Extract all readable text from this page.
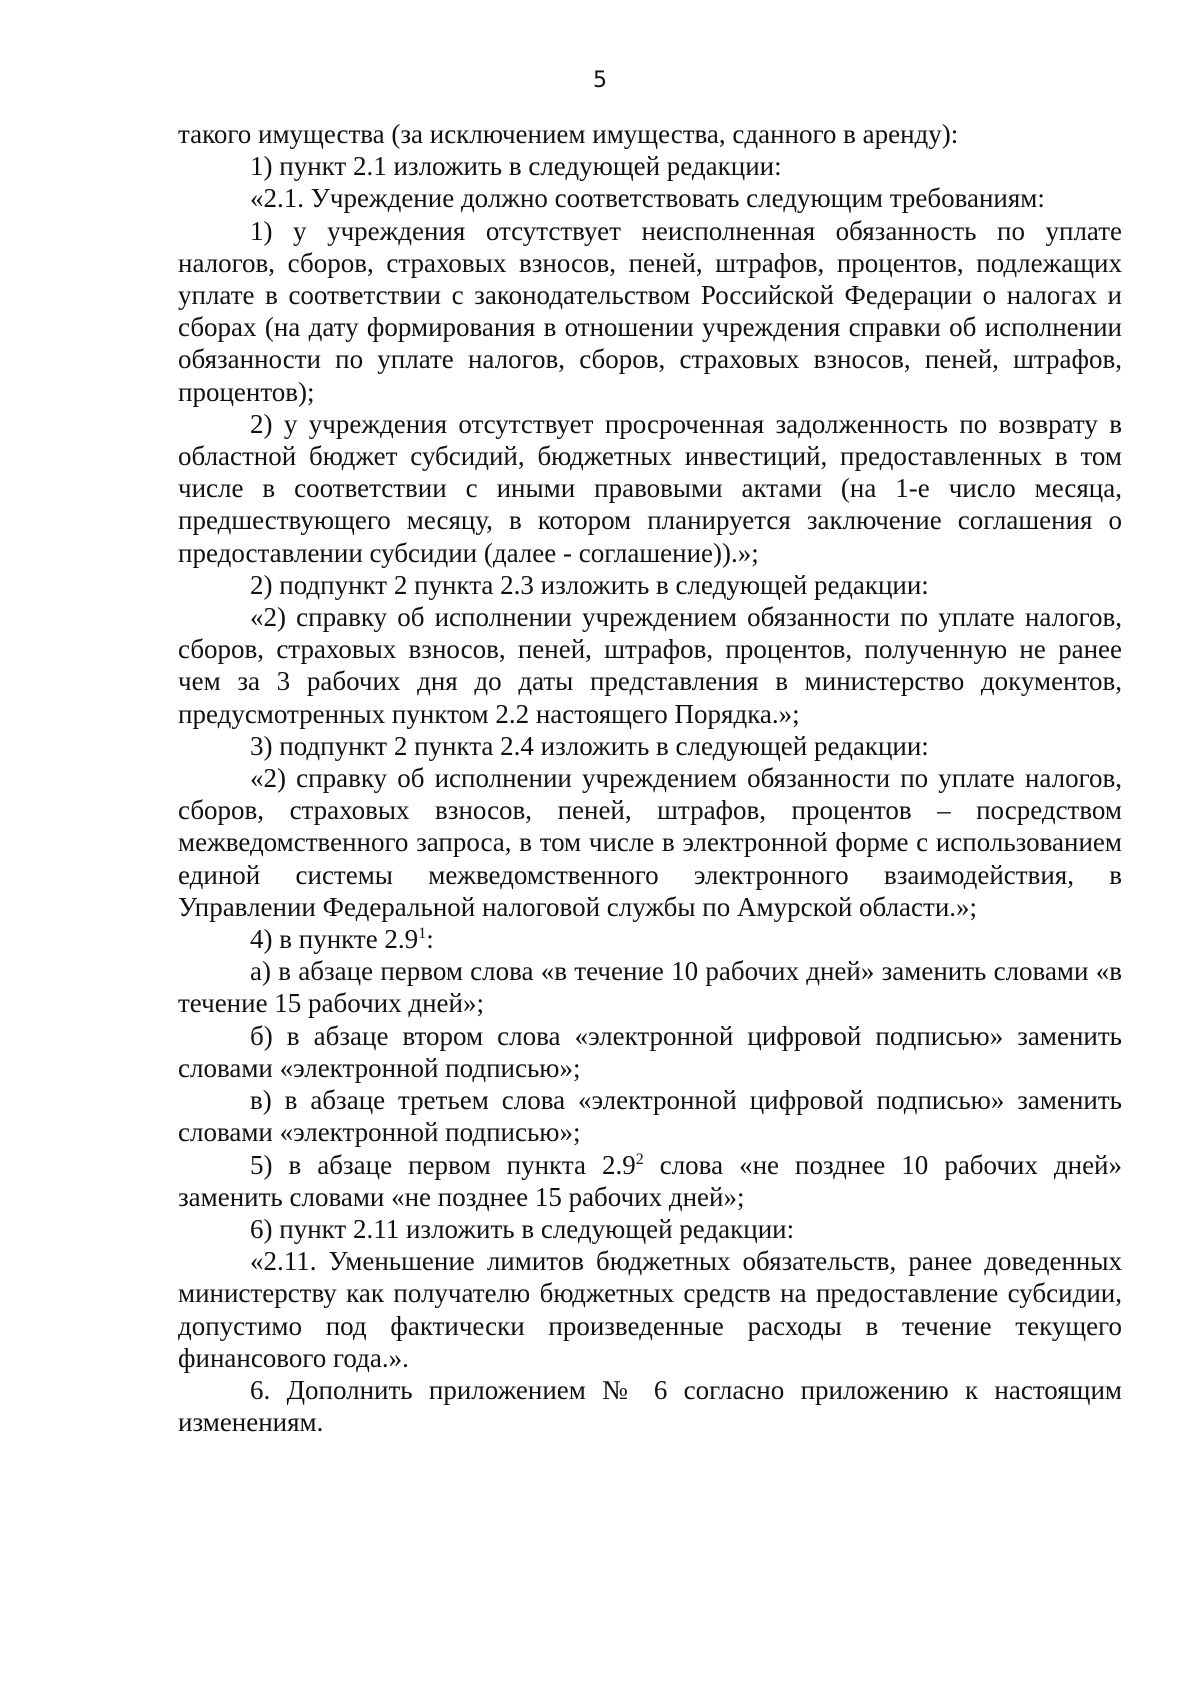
5

такого имущества (за исключением имущества, сданного в аренду):

1) пункт 2.1 изложить в следующей редакции:

«2.1. Учреждение должно соответствовать следующим требованиям:

1) у учреждения отсутствует неисполненная обязанность по уплате налогов, сборов, страховых взносов, пеней, штрафов, процентов, подлежащих уплате в соответствии с законодательством Российской Федерации о налогах и сборах (на дату формирования в отношении учреждения справки об исполнении обязанности по уплате налогов, сборов, страховых взносов, пеней, штрафов, процентов);

2) у учреждения отсутствует просроченная задолженность по возврату в областной бюджет субсидий, бюджетных инвестиций, предоставленных в том числе в соответствии с иными правовыми актами (на 1-е число месяца, предшествующего месяцу, в котором планируется заключение соглашения о предоставлении субсидии (далее - соглашение)).»;

2) подпункт 2 пункта 2.3 изложить в следующей редакции:

«2) справку об исполнении учреждением обязанности по уплате налогов, сборов, страховых взносов, пеней, штрафов, процентов, полученную не ранее чем за 3 рабочих дня до даты представления в министерство документов, предусмотренных пунктом 2.2 настоящего Порядка.»;

3) подпункт 2 пункта 2.4 изложить в следующей редакции:

«2) справку об исполнении учреждением обязанности по уплате налогов, сборов, страховых взносов, пеней, штрафов, процентов – посредством межведомственного запроса, в том числе в электронной форме с использованием единой системы межведомственного электронного взаимодействия, в Управлении Федеральной налоговой службы по Амурской области.»;

4) в пункте $2.9^1$:

а) в абзаце первом слова «в течение 10 рабочих дней» заменить словами «в течение 15 рабочих дней»;

б) в абзаце втором слова «электронной цифровой подписью» заменить словами «электронной подписью»;

в) в абзаце третьем слова «электронной цифровой подписью» заменить словами «электронной подписью»;

5) в абзаце первом пункта $2.9^2$ слова «не позднее 10 рабочих дней» заменить словами «не позднее 15 рабочих дней»;

6) пункт 2.11 изложить в следующей редакции:

«2.11. Уменьшение лимитов бюджетных обязательств, ранее доведенных министерству как получателю бюджетных средств на предоставление субсидии, допустимо под фактически произведенные расходы в течение текущего финансового года.».

6. Дополнить приложением № 6 согласно приложению к настоящим изменениям.
